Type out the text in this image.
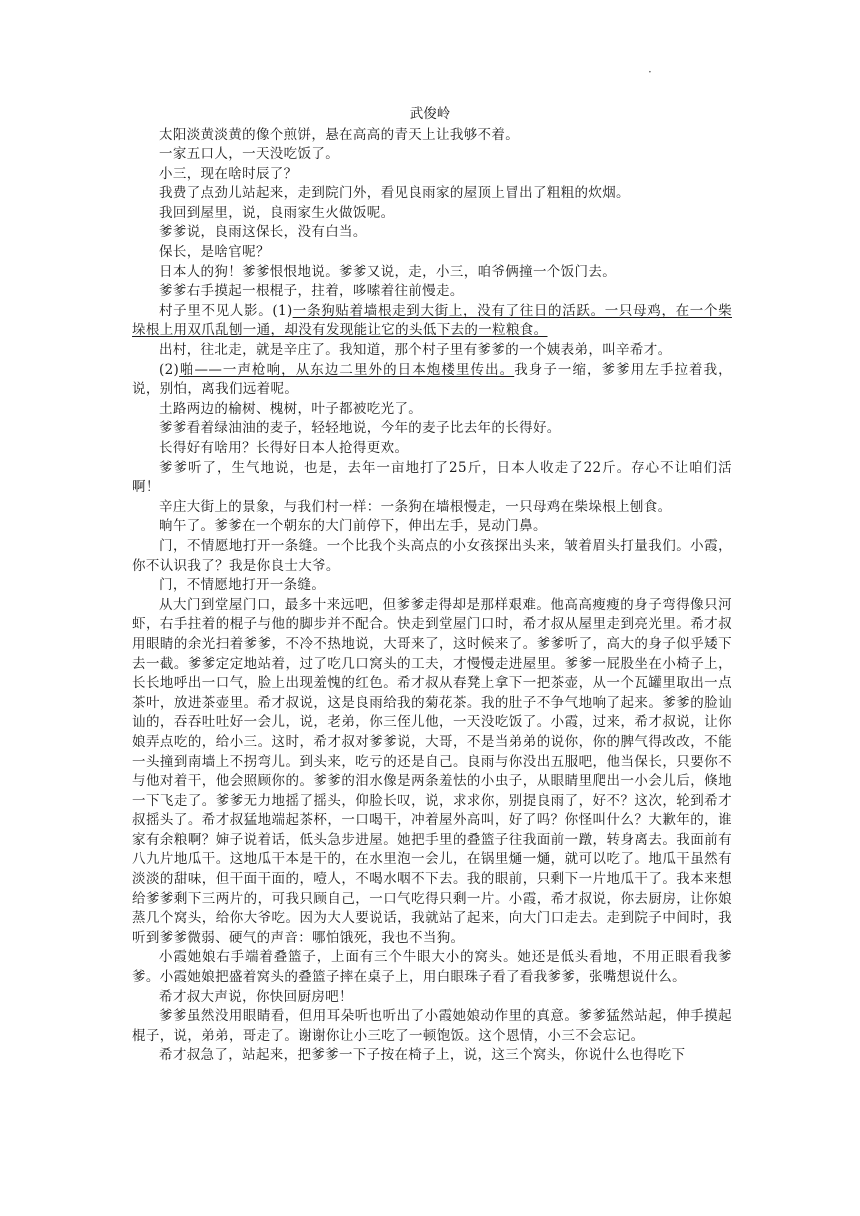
·
武俊岭

太阳淡黄淡黄的像个煎饼，悬在高高的青天上让我够不着。

一家五口人，一天没吃饭了。

小三，现在啥时辰了？

我费了点劲儿站起来，走到院门外，看见良雨家的屋顶上冒出了粗粗的炊烟。

我回到屋里，说，良雨家生火做饭呢。

爹爹说，良雨这保长，没有白当。

保长，是啥官呢？

日本人的狗！爹爹恨恨地说。爹爹又说，走，小三，咱爷俩撞一个饭门去。

爹爹右手摸起一根棍子，拄着，哆嗦着往前慢走。

村子里不见人影。(1)一条狗贴着墙根走到大街上，没有了往日的活跃。一只母鸡，在一个柴垛根上用双爪乱刨一通，却没有发现能让它的头低下去的一粒粮食。

出村，往北走，就是辛庄了。我知道，那个村子里有爹爹的一个姨表弟，叫辛希才。

(2)啪——一声枪响，从东边二里外的日本炮楼里传出。我身子一缩，爹爹用左手拉着我，说，别怕，离我们远着呢。

土路两边的榆树、槐树，叶子都被吃光了。

爹爹看着绿油油的麦子，轻轻地说，今年的麦子比去年的长得好。

长得好有啥用？长得好日本人抢得更欢。

爹爹听了，生气地说，也是，去年一亩地打了25斤，日本人收走了22斤。存心不让咱们活啊！

辛庄大街上的景象，与我们村一样：一条狗在墙根慢走，一只母鸡在柴垛根上刨食。

晌午了。爹爹在一个朝东的大门前停下，伸出左手，晃动门鼻。

门，不情愿地打开一条缝。一个比我个头高点的小女孩探出头来，皱着眉头打量我们。小霞，你不认识我了？我是你良士大爷。

门，不情愿地打开一条缝。

从大门到堂屋门口，最多十来远吧，但爹爹走得却是那样艰难。他高高瘦瘦的身子弯得像只河虾，右手拄着的棍子与他的脚步并不配合。快走到堂屋门口时，希才叔从屋里走到亮光里。希才叔用眼睛的余光扫着爹爹，不冷不热地说，大哥来了，这时候来了。爹爹听了，高大的身子似乎矮下去一截。爹爹定定地站着，过了吃几口窝头的工夫，才慢慢走进屋里。爹爹一屁股坐在小椅子上，长长地呼出一口气，脸上出现羞愧的红色。希才叔从春凳上拿下一把茶壶，从一个瓦罐里取出一点茶叶，放进茶壶里。希才叔说，这是良雨给我的菊花茶。我的肚子不争气地响了起来。爹爹的脸讪讪的，吞吞吐吐好一会儿，说，老弟，你三侄儿他，一天没吃饭了。小霞，过来，希才叔说，让你娘弄点吃的，给小三。这时，希才叔对爹爹说，大哥，不是当弟弟的说你，你的脾气得改改，不能一头撞到南墙上不拐弯儿。到头来，吃亏的还是自己。良雨与你没出五服吧，他当保长，只要你不与他对着干，他会照顾你的。爹爹的泪水像是两条羞怯的小虫子，从眼睛里爬出一小会儿后，倏地一下飞走了。爹爹无力地摇了摇头，仰脸长叹，说，求求你，别提良雨了，好不？这次，轮到希才叔摇头了。希才叔猛地端起茶杯，一口喝干，冲着屋外高叫，好了吗？你怪叫什么？大歉年的，谁家有余粮啊？婶子说着话，低头急步进屋。她把手里的叠篮子往我面前一蹾，转身离去。我面前有八九片地瓜干。这地瓜干本是干的，在水里泡一会儿，在锅里熥一熥，就可以吃了。地瓜干虽然有淡淡的甜味，但干面干面的，噎人，不喝水咽不下去。我的眼前，只剩下一片地瓜干了。我本来想给爹爹剩下三两片的，可我只顾自己，一口气吃得只剩一片。小霞，希才叔说，你去厨房，让你娘蒸几个窝头，给你大爷吃。因为大人要说话，我就站了起来，向大门口走去。走到院子中间时，我听到爹爹微弱、硬气的声音：哪怕饿死，我也不当狗。

小霞她娘右手端着叠篮子，上面有三个牛眼大小的窝头。她还是低头看地，不用正眼看我爹爹。小霞她娘把盛着窝头的叠篮子摔在桌子上，用白眼珠子看了看我爹爹，张嘴想说什么。

希才叔大声说，你快回厨房吧！

爹爹虽然没用眼睛看，但用耳朵听也听出了小霞她娘动作里的真意。爹爹猛然站起，伸手摸起棍子，说，弟弟，哥走了。谢谢你让小三吃了一顿饱饭。这个恩情，小三不会忘记。

希才叔急了，站起来，把爹爹一下子按在椅子上，说，这三个窝头，你说什么也得吃下
